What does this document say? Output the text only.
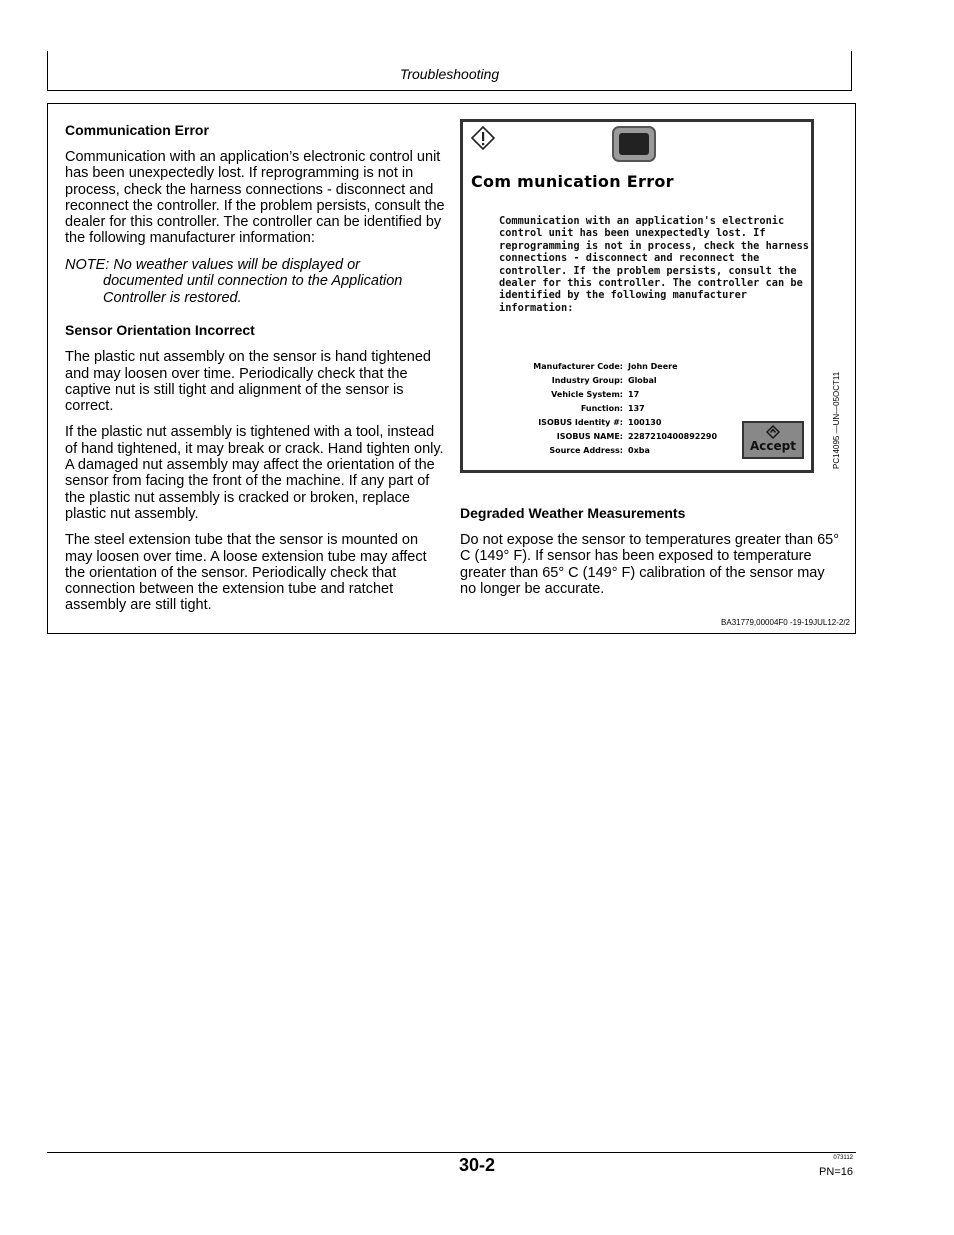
Troubleshooting
Communication Error

Communication with an application’s electronic control unit has been unexpectedly lost. If reprogramming is not in process, check the harness connections - disconnect and reconnect the controller. If the problem persists, consult the dealer for this controller. The controller can be identified by the following manufacturer information:

NOTE: No weather values will be displayed or
documented until connection to the Application
Controller is restored.
Sensor Orientation Incorrect

The plastic nut assembly on the sensor is hand tightened and may loosen over time. Periodically check that the captive nut is still tight and alignment of the sensor is correct.

If the plastic nut assembly is tightened with a tool, instead of hand tightened, it may break or crack. Hand tighten only. A damaged nut assembly may affect the orientation of the sensor from facing the front of the machine. If any part of the plastic nut assembly is cracked or broken, replace plastic nut assembly.

The steel extension tube that the sensor is mounted on may loosen over time. A loose extension tube may affect the orientation of the sensor. Periodically check that connection between the extension tube and ratchet assembly are still tight.

Com munication Error
Communication with an application's electronic control unit has been unexpectedly lost. If reprogramming is not in process, check the harness connections - disconnect and reconnect the controller. If the problem persists, consult the dealer for this controller. The controller can be identified by the following manufacturer information:
Manufacturer Code: John Deere
Industry Group: Global
Vehicle System: 17
Function: 137
ISOBUS Identity #: 100130
ISOBUS NAME: 2287210400892290
Source Address: 0xba	Accept	PC14095 —UN—05OCT11
Degraded Weather Measurements

Do not expose the sensor to temperatures greater than 65° C (149° F). If sensor has been exposed to temperature greater than 65° C (149° F) calibration of the sensor may no longer be accurate.

BA31779,00004F0 -19-19JUL12-2/2
30-2	073112
PN=16
